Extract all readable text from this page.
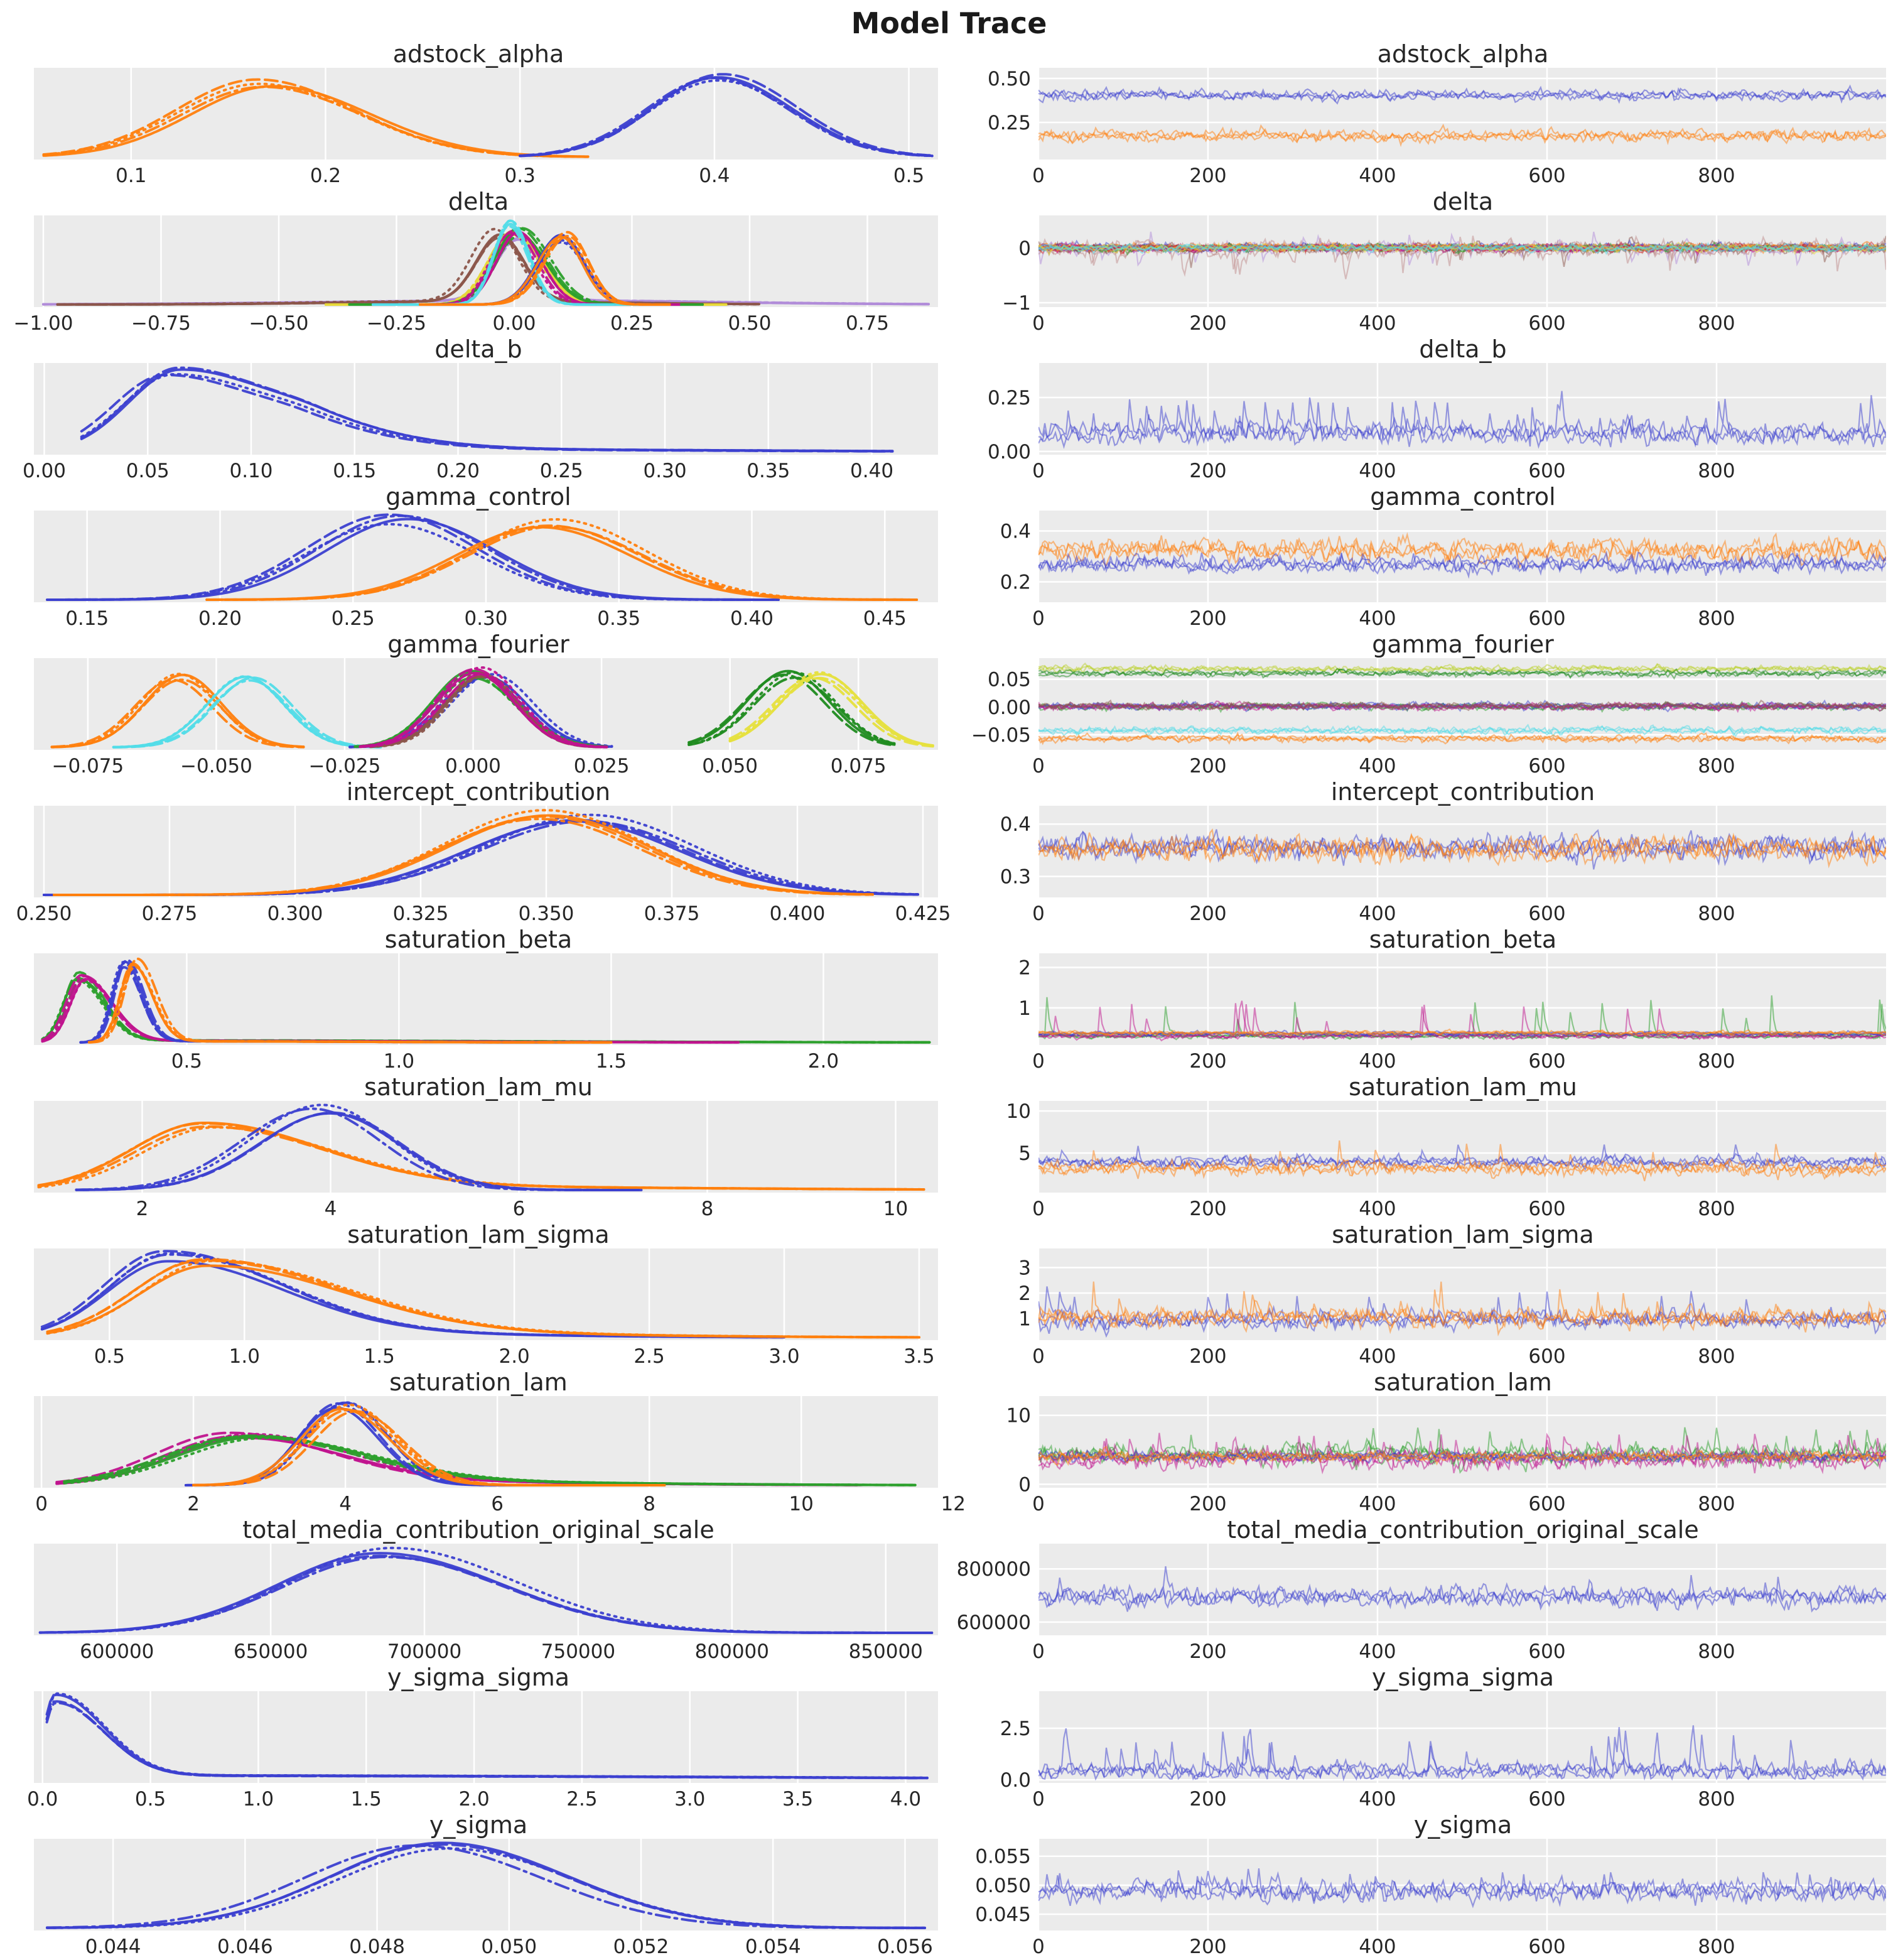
Model Trace
adstock_alpha
0.1	0.2	0.3	0.4	0.5
adstock_alpha
0	200	400	600	800
0.25
0.50
delta
−1.00	−0.75	−0.50	−0.25	0.00	0.25	0.50	0.75
delta
0	200	400	600	800
0
−1
delta_b
0.00	0.05	0.10	0.15	0.20	0.25	0.30	0.35	0.40
delta_b
0	200	400	600	800
0.00
0.25
gamma_control
0.15	0.20	0.25	0.30	0.35	0.40	0.45
gamma_control
0	200	400	600	800
0.2
0.4
gamma_fourier
−0.075	−0.050	−0.025	0.000	0.025	0.050	0.075
gamma_fourier
0	200	400	600	800
0.05
0.00
−0.05
intercept_contribution
0.250	0.275	0.300	0.325	0.350	0.375	0.400	0.425
intercept_contribution
0	200	400	600	800
0.3
0.4
saturation_beta
0.5	1.0	1.5	2.0
saturation_beta
0	200	400	600	800
1
2
saturation_lam_mu
2	4	6	8	10
saturation_lam_mu
0	200	400	600	800
5
10
saturation_lam_sigma
0.5	1.0	1.5	2.0	2.5	3.0	3.5
saturation_lam_sigma
0	200	400	600	800
1
2
3
saturation_lam
0	2	4	6	8	10	12
saturation_lam
0	200	400	600	800
0
10
total_media_contribution_original_scale
600000	650000	700000	750000	800000	850000
total_media_contribution_original_scale
0	200	400	600	800
600000
800000
y_sigma_sigma
0.0	0.5	1.0	1.5	2.0	2.5	3.0	3.5	4.0
y_sigma_sigma
0	200	400	600	800
0.0
2.5
y_sigma
0.044	0.046	0.048	0.050	0.052	0.054	0.056
y_sigma
0	200	400	600	800
0.045
0.050
0.055
